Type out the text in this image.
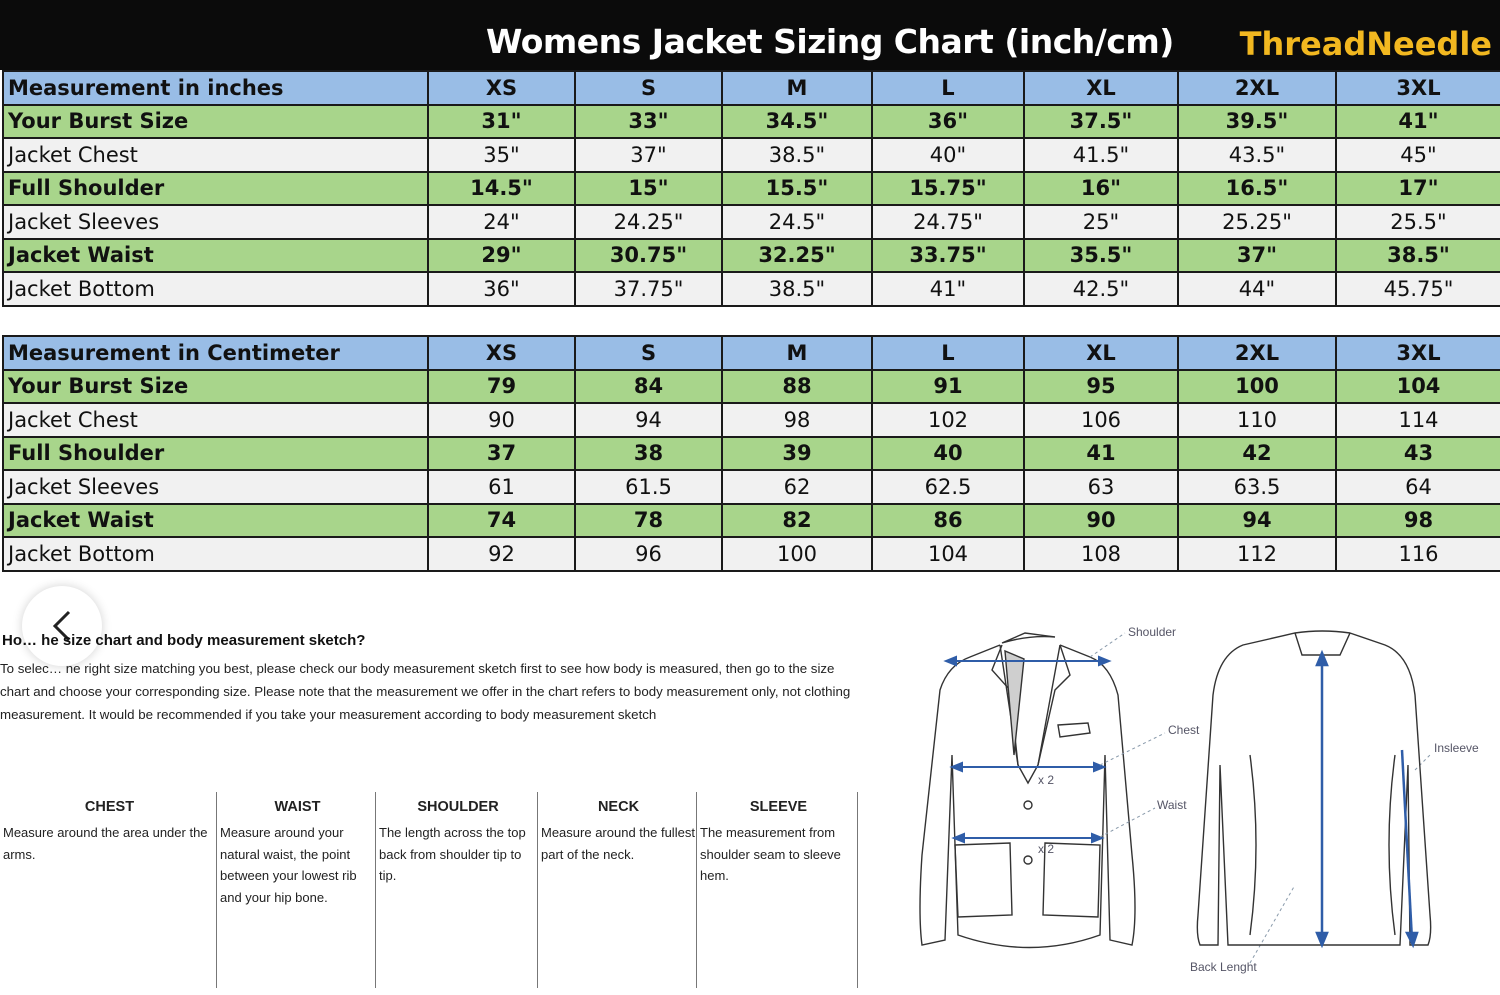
Womens Jacket Sizing Chart (inch/cm) ThreadNeedle
Measurement in inches	XS	S	M	L	XL	2XL	3XL
Your Burst Size	31"	33"	34.5"	36"	37.5"	39.5"	41"
Jacket Chest	35"	37"	38.5"	40"	41.5"	43.5"	45"
Full Shoulder	14.5"	15"	15.5"	15.75"	16"	16.5"	17"
Jacket Sleeves	24"	24.25"	24.5"	24.75"	25"	25.25"	25.5"
Jacket Waist	29"	30.75"	32.25"	33.75"	35.5"	37"	38.5"
Jacket Bottom	36"	37.75"	38.5"	41"	42.5"	44"	45.75"
Measurement in Centimeter	XS	S	M	L	XL	2XL	3XL
Your Burst Size	79	84	88	91	95	100	104
Jacket Chest	90	94	98	102	106	110	114
Full Shoulder	37	38	39	40	41	42	43
Jacket Sleeves	61	61.5	62	62.5	63	63.5	64
Jacket Waist	74	78	82	86	90	94	98
Jacket Bottom	92	96	100	104	108	112	116
Ho… he size chart and body measurement sketch?
To selec… ne right size matching you best, please check our body measurement sketch first to see how body is measured, then go to the size chart and choose your corresponding size. Please note that the measurement we offer in the chart refers to body measurement only, not clothing measurement. It would be recommended if you take your measurement according to body measurement sketch
CHEST
Measure around the area under the arms.
WAIST
Measure around your natural waist, the point between your lowest rib and your hip bone.
SHOULDER
The length across the top back from shoulder tip to tip.
NECK
Measure around the fullest part of the neck.
SLEEVE
The measurement from shoulder seam to sleeve hem.
Shoulder
Chest
Waist
x 2
x 2
Insleeve
Back Lenght
